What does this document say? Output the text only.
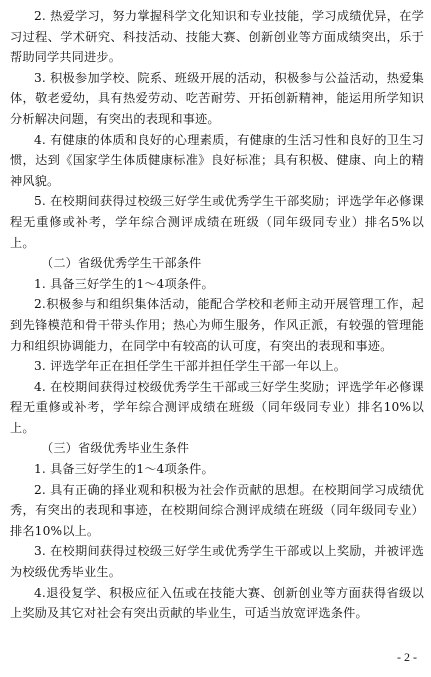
2. 热爱学习，努力掌握科学文化知识和专业技能，学习成绩优异，在学习过程、学术研究、科技活动、技能大赛、创新创业等方面成绩突出，乐于帮助同学共同进步。

3. 积极参加学校、院系、班级开展的活动，积极参与公益活动，热爱集体，敬老爱幼，具有热爱劳动、吃苦耐劳、开拓创新精神，能运用所学知识分析解决问题，有突出的表现和事迹。

4. 有健康的体质和良好的心理素质，有健康的生活习性和良好的卫生习惯，达到《国家学生体质健康标准》良好标准；具有积极、健康、向上的精神风貌。

5. 在校期间获得过校级三好学生或优秀学生干部奖励；评选学年必修课程无重修或补考，学年综合测评成绩在班级（同年级同专业）排名5%以上。

（二）省级优秀学生干部条件

1. 具备三好学生的1～4项条件。

2.积极参与和组织集体活动，能配合学校和老师主动开展管理工作，起到先锋模范和骨干带头作用；热心为师生服务，作风正派，有较强的管理能力和组织协调能力，在同学中有较高的认可度，有突出的表现和事迹。

3. 评选学年正在担任学生干部并担任学生干部一年以上。

4. 在校期间获得过校级优秀学生干部或三好学生奖励；评选学年必修课程无重修或补考，学年综合测评成绩在班级（同年级同专业）排名10%以上。

（三）省级优秀毕业生条件

1. 具备三好学生的1～4项条件。

2. 具有正确的择业观和积极为社会作贡献的思想。在校期间学习成绩优秀，有突出的表现和事迹，在校期间综合测评成绩在班级（同年级同专业）排名10%以上。

3. 在校期间获得过校级三好学生或优秀学生干部或以上奖励，并被评选为校级优秀毕业生。

4.退役复学、积极应征入伍或在技能大赛、创新创业等方面获得省级以上奖励及其它对社会有突出贡献的毕业生，可适当放宽评选条件。

- 2 -
